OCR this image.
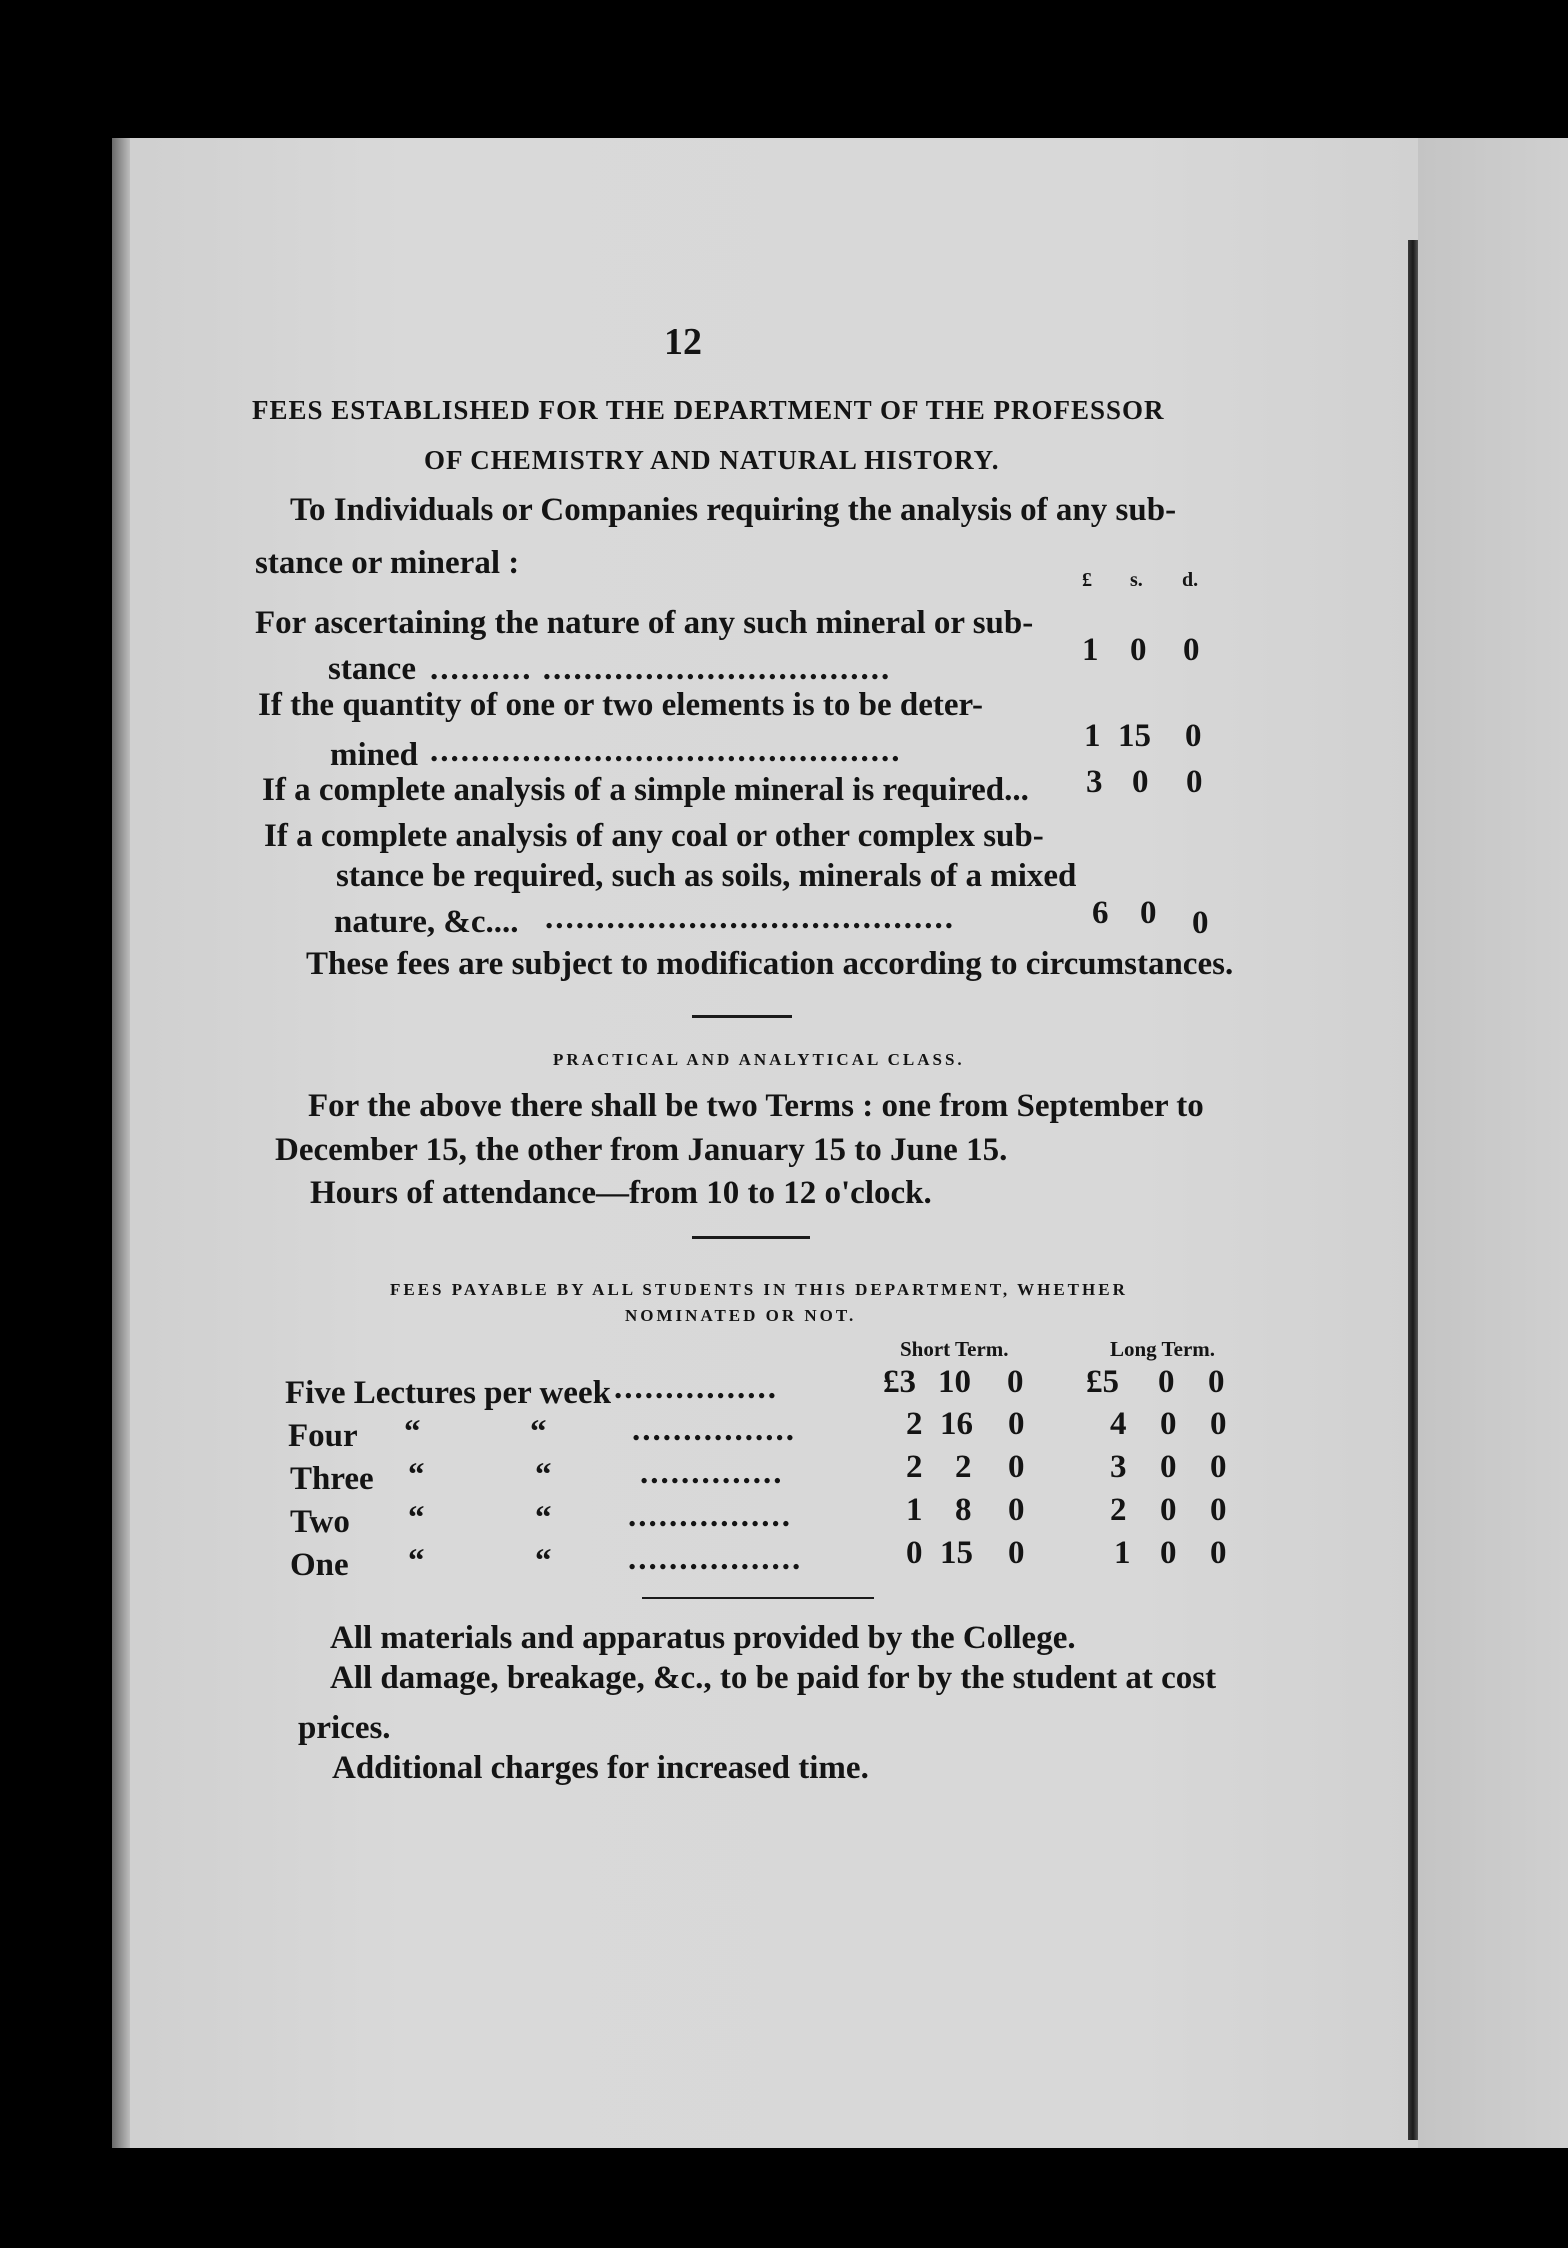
12
FEES ESTABLISHED FOR THE DEPARTMENT OF THE PROFESSOR
OF CHEMISTRY AND NATURAL HISTORY.
To Individuals or Companies requiring the analysis of any sub-
stance or mineral :	£ s. d.
For ascertaining the nature of any such mineral or sub-
stance .......... ..................................
1 0 0
If the quantity of one or two elements is to be deter-
mined ..............................................	1 15 0
If a complete analysis of a simple mineral is required... 3 0 0
If a complete analysis of any coal or other complex sub-
stance be required, such as soils, minerals of a mixed
nature, &c.... ........................................	6 0 0
These fees are subject to modification according to circumstances.
PRACTICAL AND ANALYTICAL CLASS.
For the above there shall be two Terms : one from September to
December 15, the other from January 15 to June 15.
Hours of attendance—from 10 to 12 o'clock.
FEES PAYABLE BY ALL STUDENTS IN THIS DEPARTMENT, WHETHER
NOMINATED OR NOT.
Short Term.	Long Term.
Five Lectures per week ................	£3 10 0 £5 0 0
Four “	“	................	2 16 0	4 0 0
Three “	“	..............	2 2 0	3 0 0
Two “	“ ................	1 8 0	2 0 0
One “	“ .................	0 15 0	1 0 0
All materials and apparatus provided by the College.
All damage, breakage, &c., to be paid for by the student at cost
prices.
Additional charges for increased time.
